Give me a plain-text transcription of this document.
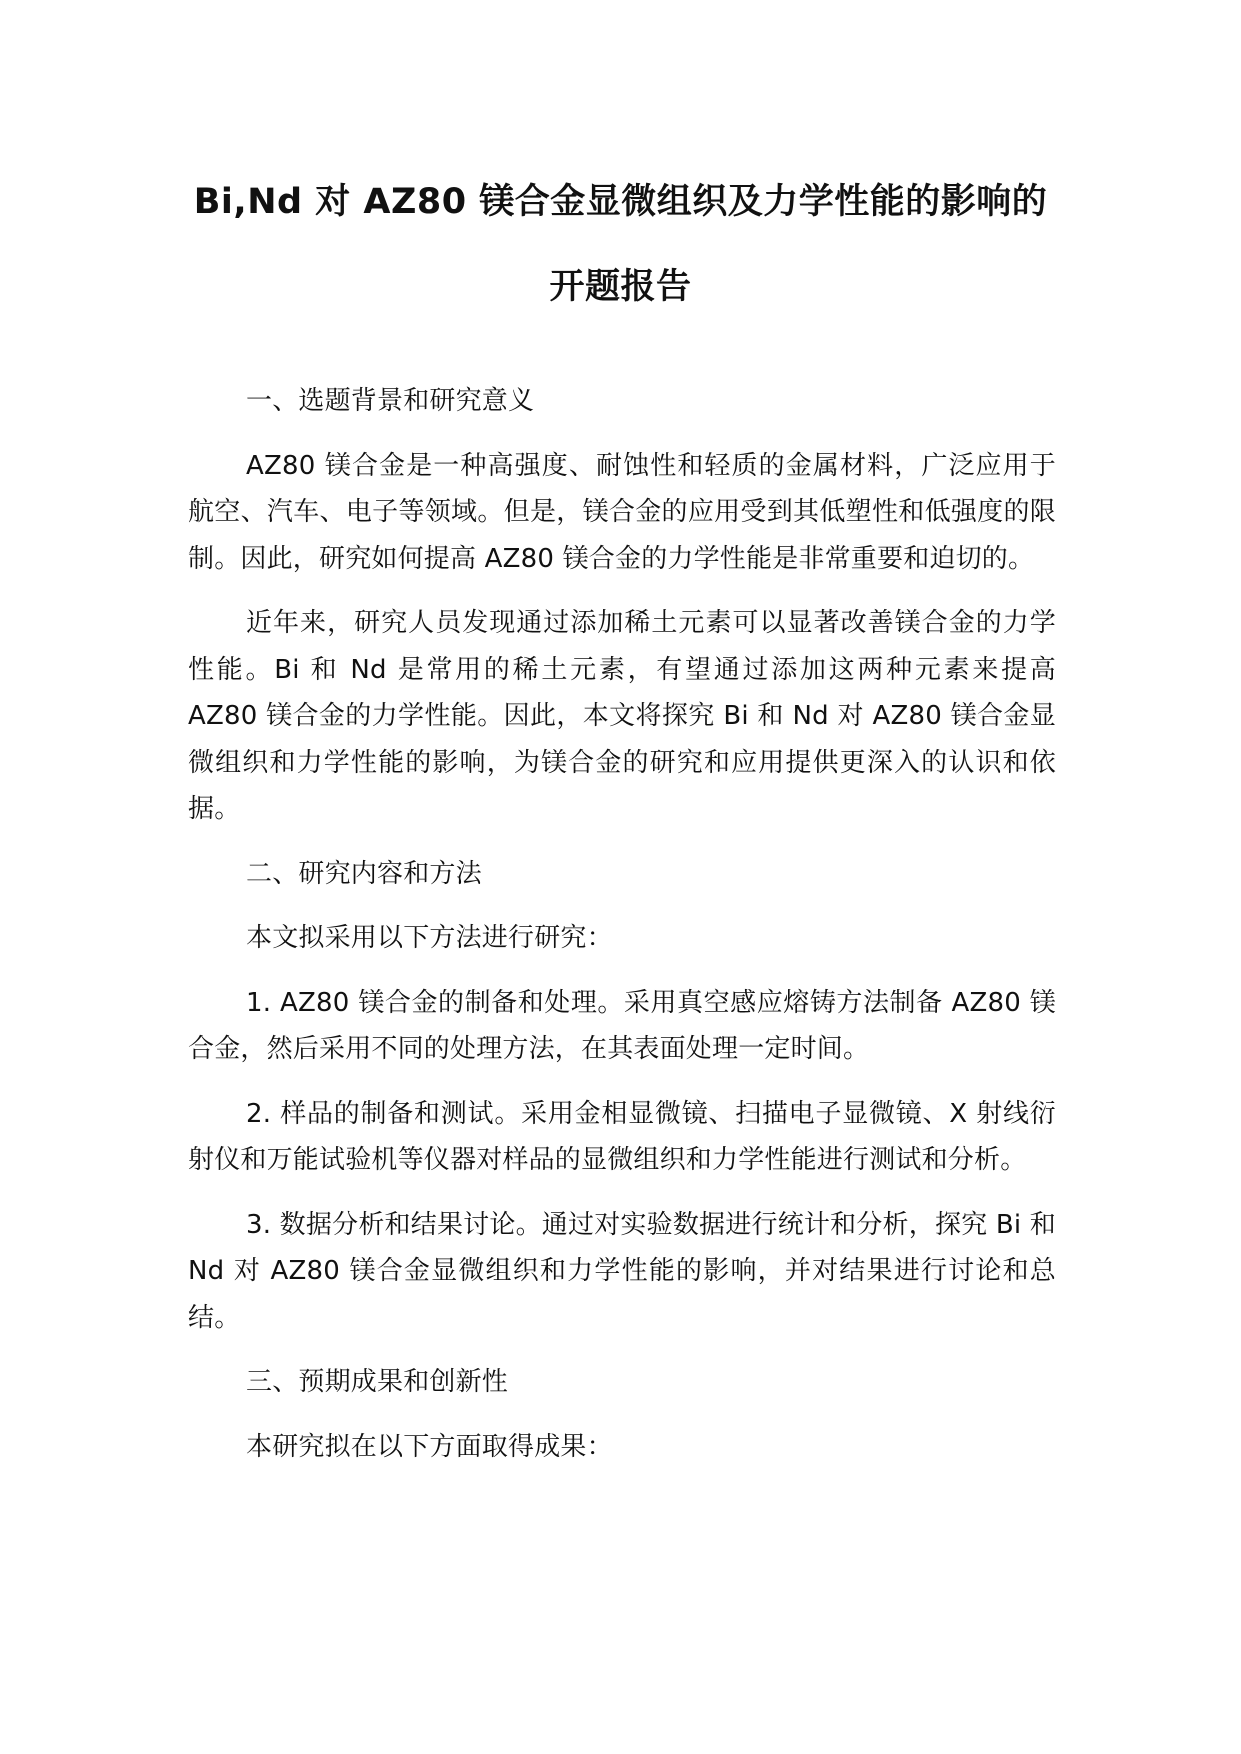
Bi,Nd 对 AZ80 镁合金显微组织及力学性能的影响的
开题报告

一、选题背景和研究意义

AZ80 镁合金是一种高强度、耐蚀性和轻质的金属材料，广泛应用于航空、汽车、电子等领域。但是，镁合金的应用受到其低塑性和低强度的限制。因此，研究如何提高 AZ80 镁合金的力学性能是非常重要和迫切的。

近年来，研究人员发现通过添加稀土元素可以显著改善镁合金的力学性能。Bi 和 Nd 是常用的稀土元素，有望通过添加这两种元素来提高 AZ80 镁合金的力学性能。因此，本文将探究 Bi 和 Nd 对 AZ80 镁合金显微组织和力学性能的影响，为镁合金的研究和应用提供更深入的认识和依据。

二、研究内容和方法

本文拟采用以下方法进行研究：

1. AZ80 镁合金的制备和处理。采用真空感应熔铸方法制备 AZ80 镁合金，然后采用不同的处理方法，在其表面处理一定时间。

2. 样品的制备和测试。采用金相显微镜、扫描电子显微镜、X 射线衍射仪和万能试验机等仪器对样品的显微组织和力学性能进行测试和分析。

3. 数据分析和结果讨论。通过对实验数据进行统计和分析，探究 Bi 和 Nd 对 AZ80 镁合金显微组织和力学性能的影响，并对结果进行讨论和总结。

三、预期成果和创新性

本研究拟在以下方面取得成果：
